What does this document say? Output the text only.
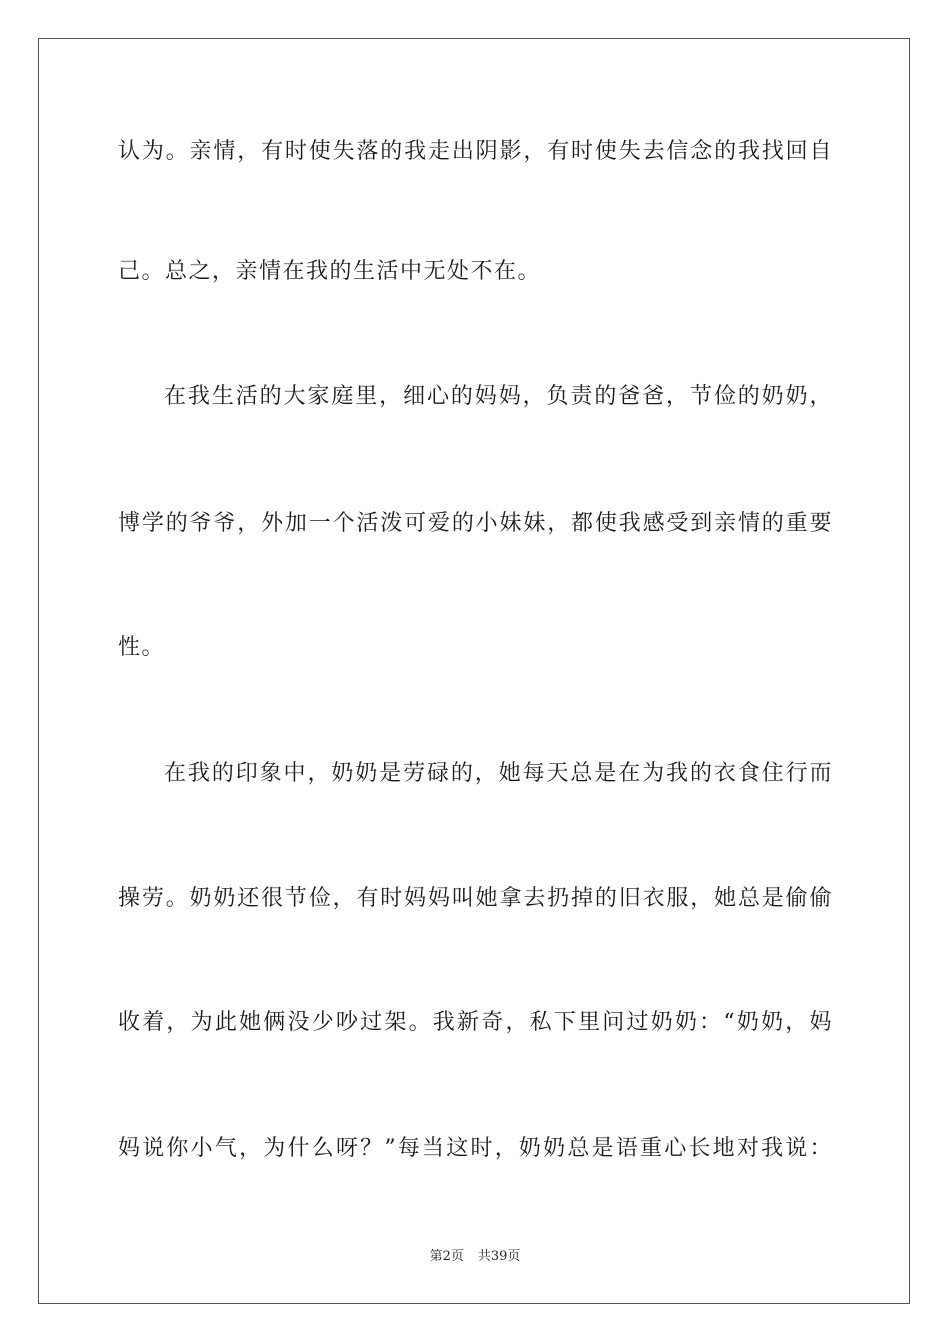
认为。亲情，有时使失落的我走出阴影，有时使失去信念的我找回自
己。总之，亲情在我的生活中无处不在。
在我生活的大家庭里，细心的妈妈，负责的爸爸，节俭的奶奶，
博学的爷爷，外加一个活泼可爱的小妹妹，都使我感受到亲情的重要
性。
在我的印象中，奶奶是劳碌的，她每天总是在为我的衣食住行而
操劳。奶奶还很节俭，有时妈妈叫她拿去扔掉的旧衣服，她总是偷偷
收着，为此她俩没少吵过架。我新奇，私下里问过奶奶：“奶奶，妈
妈说你小气，为什么呀？”每当这时，奶奶总是语重心长地对我说：
第2页 共39页
